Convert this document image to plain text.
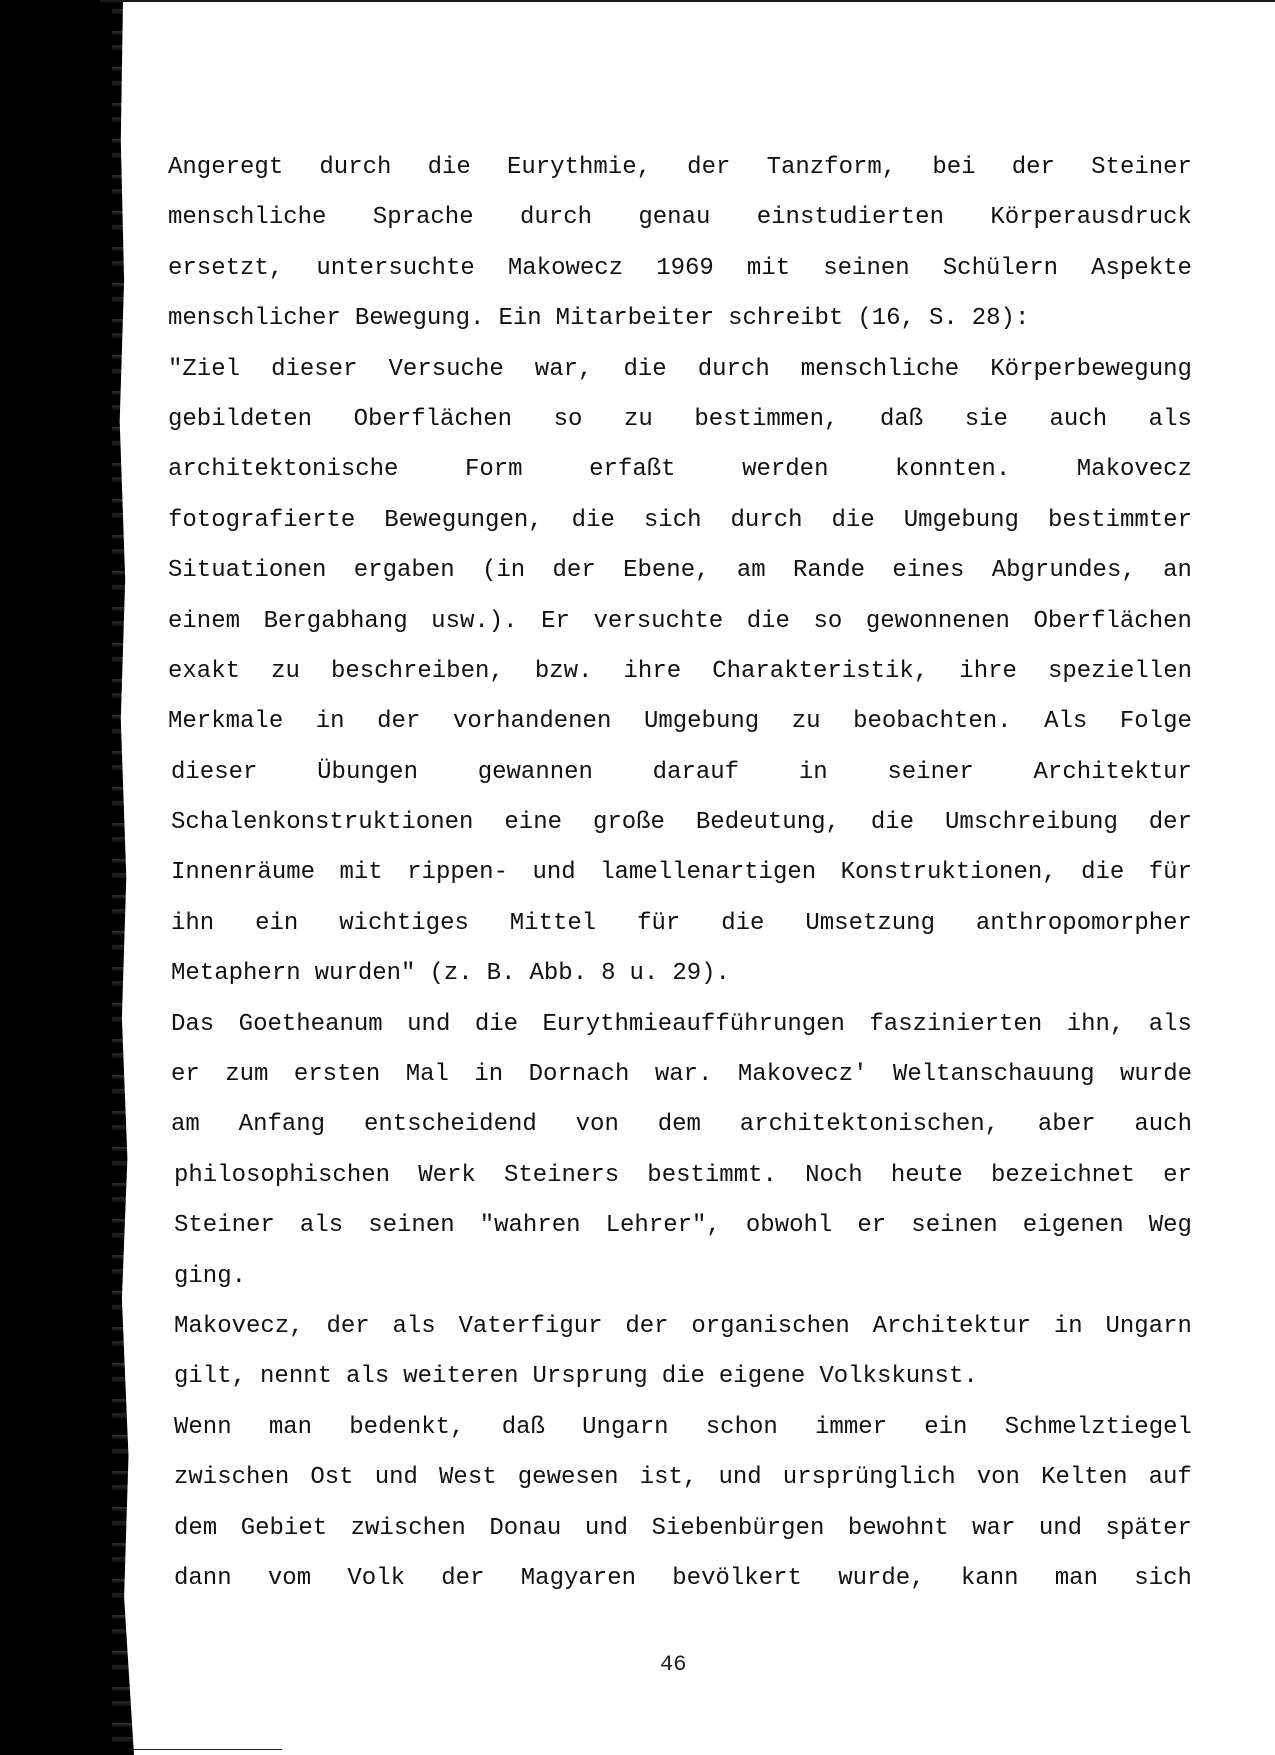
Angeregt durch die Eurythmie, der Tanzform, bei der Steiner
menschliche Sprache durch genau einstudierten Körperausdruck
ersetzt, untersuchte Makowecz 1969 mit seinen Schülern Aspekte
menschlicher Bewegung. Ein Mitarbeiter schreibt (16, S. 28):
"Ziel dieser Versuche war, die durch menschliche Körperbewegung
gebildeten Oberflächen so zu bestimmen, daß sie auch als
architektonische	Form	erfaßt	werden	konnten.	Makovecz
fotografierte Bewegungen, die sich durch die Umgebung bestimmter
Situationen ergaben (in der Ebene, am Rande eines Abgrundes, an
einem Bergabhang usw.). Er versuchte die so gewonnenen Oberflächen
exakt zu beschreiben, bzw. ihre Charakteristik, ihre speziellen
Merkmale in der vorhandenen Umgebung zu beobachten. Als Folge
dieser Übungen gewannen darauf in seiner Architektur
Schalenkonstruktionen eine große Bedeutung, die Umschreibung der
Innenräume mit rippen- und lamellenartigen Konstruktionen, die für
ihn ein wichtiges Mittel für die Umsetzung anthropomorpher
Metaphern wurden" (z. B. Abb. 8 u. 29).
Das Goetheanum und die Eurythmieaufführungen faszinierten ihn, als
er zum ersten Mal in Dornach war. Makovecz' Weltanschauung wurde
am Anfang entscheidend von dem architektonischen, aber auch
philosophischen Werk Steiners bestimmt. Noch heute bezeichnet er
Steiner als seinen "wahren Lehrer", obwohl er seinen eigenen Weg
ging.
Makovecz, der als Vaterfigur der organischen Architektur in Ungarn
gilt, nennt als weiteren Ursprung die eigene Volkskunst.
Wenn man bedenkt, daß Ungarn schon immer ein Schmelztiegel
zwischen Ost und West gewesen ist, und ursprünglich von Kelten auf
dem Gebiet zwischen Donau und Siebenbürgen bewohnt war und später
dann vom Volk der Magyaren bevölkert wurde, kann man sich
46
